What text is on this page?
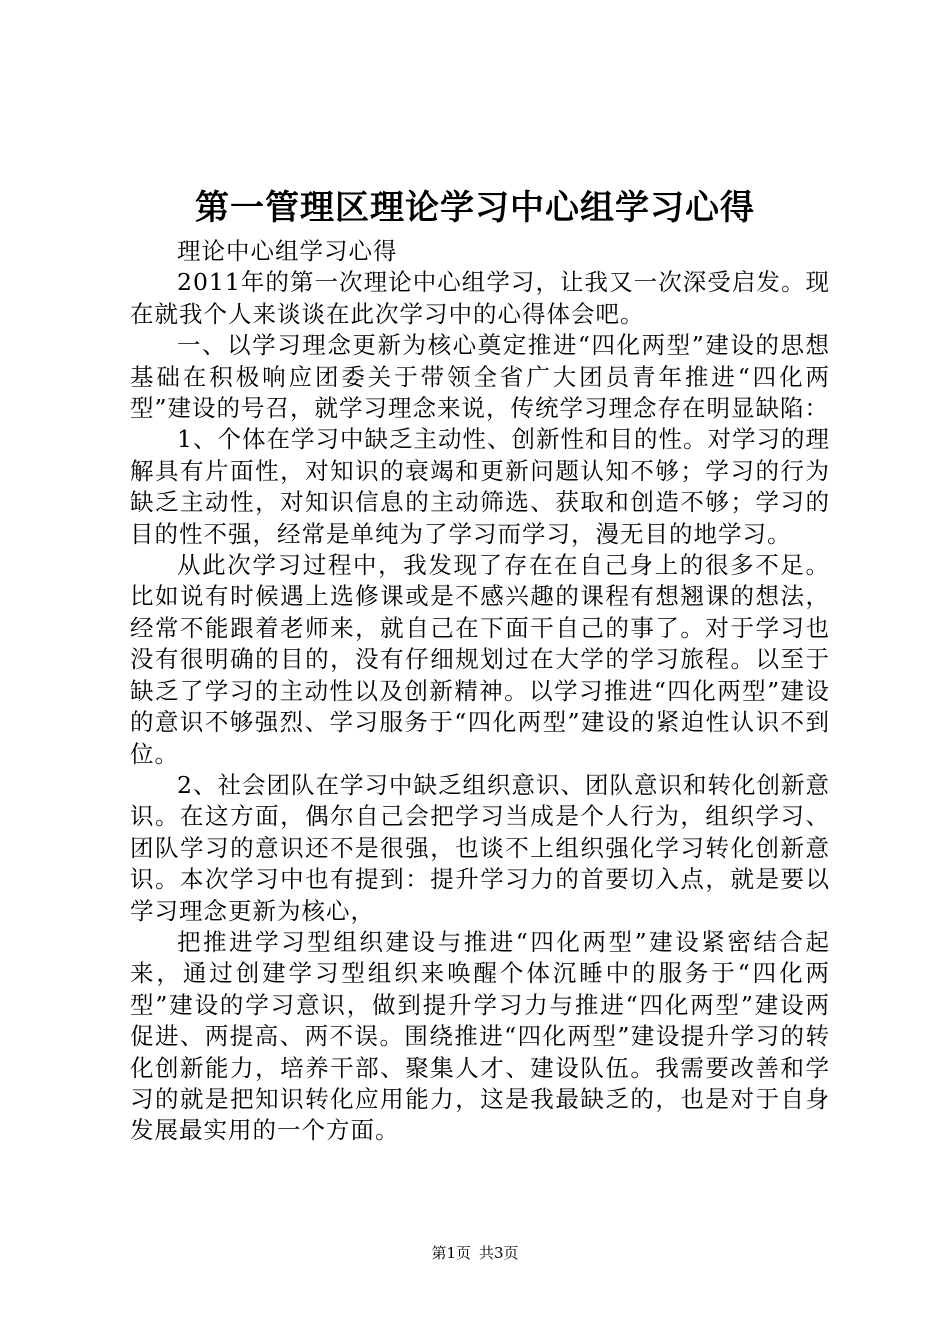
第一管理区理论学习中心组学习心得

理论中心组学习心得

2011年的第一次理论中心组学习，让我又一次深受启发。现在就我个人来谈谈在此次学习中的心得体会吧。

一、以学习理念更新为核心奠定推进“四化两型”建设的思想基础在积极响应团委关于带领全省广大团员青年推进“四化两型”建设的号召，就学习理念来说，传统学习理念存在明显缺陷：

1、个体在学习中缺乏主动性、创新性和目的性。对学习的理解具有片面性，对知识的衰竭和更新问题认知不够；学习的行为缺乏主动性，对知识信息的主动筛选、获取和创造不够；学习的目的性不强，经常是单纯为了学习而学习，漫无目的地学习。

从此次学习过程中，我发现了存在在自己身上的很多不足。比如说有时候遇上选修课或是不感兴趣的课程有想翘课的想法，经常不能跟着老师来，就自己在下面干自己的事了。对于学习也没有很明确的目的，没有仔细规划过在大学的学习旅程。以至于缺乏了学习的主动性以及创新精神。以学习推进“四化两型”建设的意识不够强烈、学习服务于“四化两型”建设的紧迫性认识不到位。

2、社会团队在学习中缺乏组织意识、团队意识和转化创新意识。在这方面，偶尔自己会把学习当成是个人行为，组织学习、团队学习的意识还不是很强，也谈不上组织强化学习转化创新意识。本次学习中也有提到：提升学习力的首要切入点，就是要以学习理念更新为核心，

把推进学习型组织建设与推进“四化两型”建设紧密结合起来，通过创建学习型组织来唤醒个体沉睡中的服务于“四化两型”建设的学习意识，做到提升学习力与推进“四化两型”建设两促进、两提高、两不误。围绕推进“四化两型”建设提升学习的转化创新能力，培养干部、聚集人才、建设队伍。我需要改善和学习的就是把知识转化应用能力，这是我最缺乏的，也是对于自身发展最实用的一个方面。

第1页 共3页
